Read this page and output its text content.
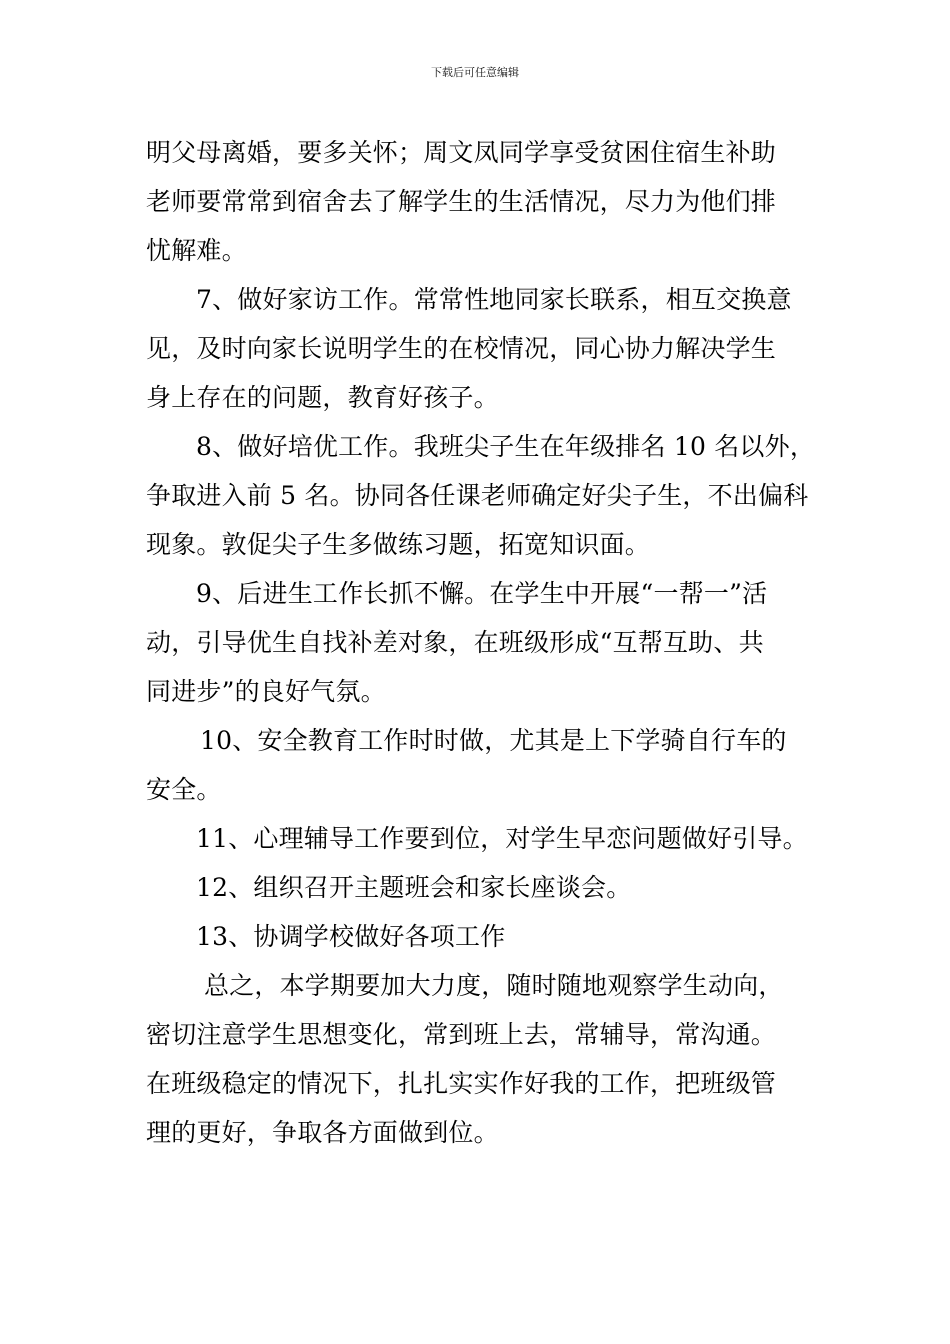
下载后可任意编辑
明父母离婚，要多关怀；周文凤同学享受贫困住宿生补助
老师要常常到宿舍去了解学生的生活情况，尽力为他们排
忧解难。
7、做好家访工作。常常性地同家长联系，相互交换意
见，及时向家长说明学生的在校情况，同心协力解决学生
身上存在的问题，教育好孩子。
8、做好培优工作。我班尖子生在年级排名 10 名以外，
争取进入前 5 名。协同各任课老师确定好尖子生，不出偏科
现象。敦促尖子生多做练习题，拓宽知识面。
9、后进生工作长抓不懈。在学生中开展“一帮一”活
动，引导优生自找补差对象，在班级形成“互帮互助、共
同进步”的良好气氛。
10、安全教育工作时时做，尤其是上下学骑自行车的
安全。
11、心理辅导工作要到位，对学生早恋问题做好引导。
12、组织召开主题班会和家长座谈会。
13、协调学校做好各项工作
总之，本学期要加大力度，随时随地观察学生动向，
密切注意学生思想变化，常到班上去，常辅导，常沟通。
在班级稳定的情况下，扎扎实实作好我的工作，把班级管
理的更好，争取各方面做到位。
